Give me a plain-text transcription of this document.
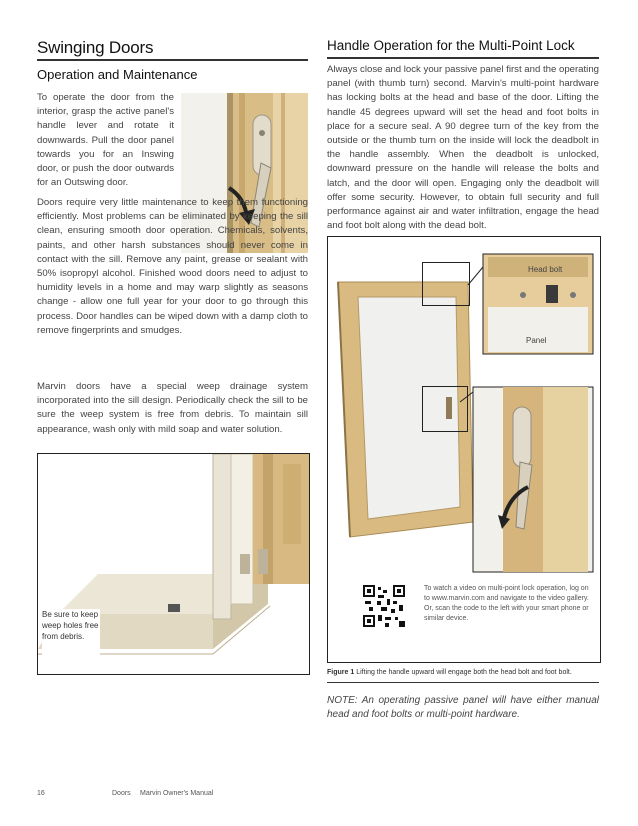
Swinging Doors
Operation and Maintenance

To operate the door from the interior, grasp the active panel's handle lever and rotate it downwards. Pull the door panel towards you for an Inswing door, or push the door outwards for an Outswing door.

Doors require very little maintenance to keep them functioning efficiently. Most problems can be eliminated by keeping the sill clean, ensuring smooth door operation. Chemicals, solvents, paints, and other harsh substances should never come in contact with the sill. Remove any paint, grease or sealant with 50% isopropyl alcohol. Finished wood doors need to adjust to humidity levels in a home and may warp slightly as seasons change - allow one full year for your door to go through this process. Door handles can be wiped down with a damp cloth to remove fingerprints and smudges.

Marvin doors have a special weep drainage system incorporated into the sill design. Periodically check the sill to be sure the weep system is free from debris. To maintain sill appearance, wash only with mild soap and water solution.

Be sure to keep weep holes free from debris.
Handle Operation for the Multi-Point Lock

Always close and lock your passive panel first and the operating panel (with thumb turn) second. Marvin's multi-point hardware has locking bolts at the head and base of the door. Lifting the handle 45 degrees upward will set the head and foot bolts in place for a secure seal. A 90 degree turn of the key from the outside or the thumb turn on the inside will lock the deadbolt in the handle assembly. When the deadbolt is unlocked, downward pressure on the handle will release the bolts and latch, and the door will open. Engaging only the deadbolt will offer some security. However, to obtain full security and full performance against air and water infiltration, engage the head and foot bolt along with the dead bolt.

Head bolt
Panel
To watch a video on multi-point lock operation, log on to www.marvin.com and navigate to the video gallery. Or, scan the code to the left with your smart phone or similar device.
Figure 1 Lifting the handle upward will engage both the head bolt and foot bolt.

NOTE: An operating passive panel will have either manual head and foot bolts or multi-point hardware.

16	Doors Marvin Owner's Manual
